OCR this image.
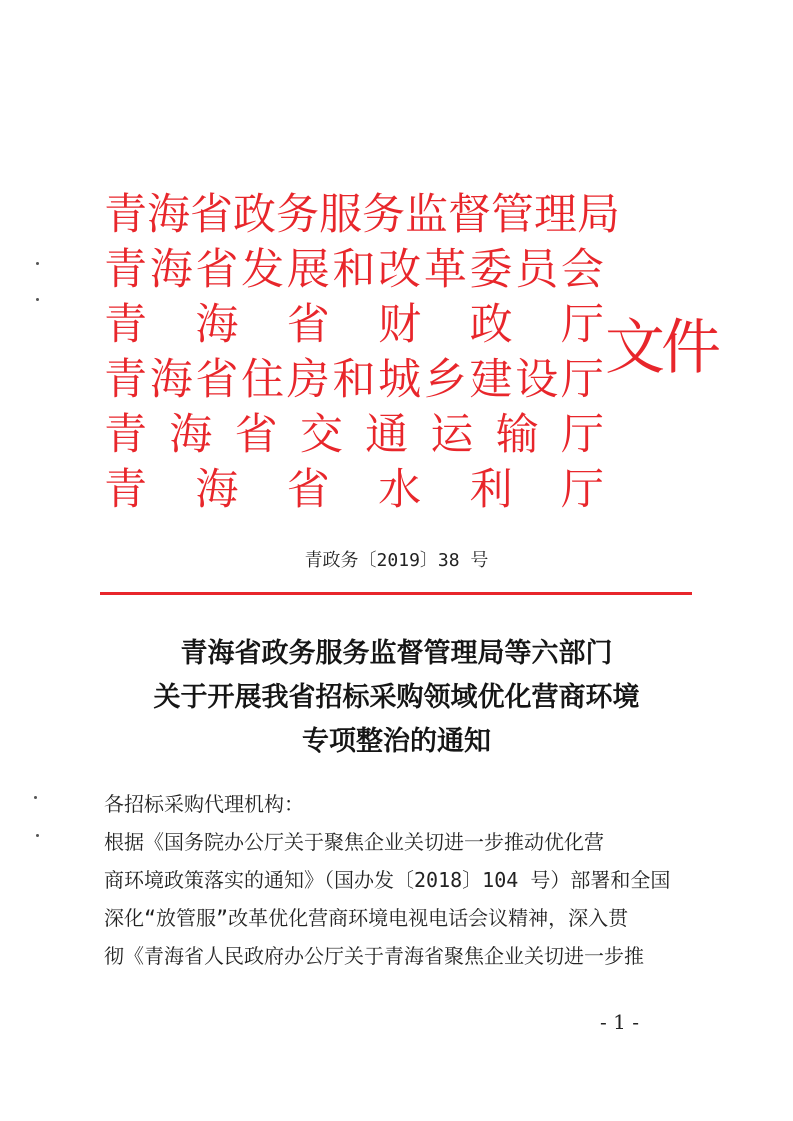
青 海 省 政 务 服 务 监 督 管 理 局
青 海 省 发 展 和 改 革 委 员 会
青 海 省 财 政 厅
青 海 省 住 房 和 城 乡 建 设 厅
青 海 省 交 通 运 输 厅
青 海 省 水 利 厅
文件
青政务〔2019〕38 号
青海省政务服务监督管理局等六部门
关于开展我省招标采购领域优化营商环境
专项整治的通知
各招标采购代理机构：
根据《国务院办公厅关于聚焦企业关切进一步推动优化营
商环境政策落实的通知》（国办发〔2018〕104 号）部署和全国
深化“放管服”改革优化营商环境电视电话会议精神，深入贯
彻《青海省人民政府办公厅关于青海省聚焦企业关切进一步推
- 1 -
